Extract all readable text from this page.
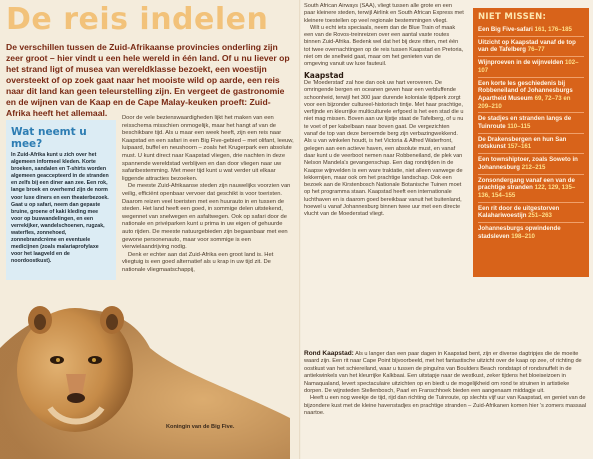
De reis indelen

De verschillen tussen de Zuid-Afrikaanse provincies onderling zijn zeer groot – hier vindt u een hele wereld in één land. Of u nu liever op het strand ligt of musea van wereldklasse bezoekt, een woestijn oversteekt of op zoek gaat naar het mooiste wild op aarde, een reis naar dit land kan geen teleurstelling zijn. En vergeet de gastronomie en de wijnen van de Kaap en de Cape Malay-keuken proeft: Zuid-Afrika heeft het allemaal.

Wat neemt u mee?

In Zuid-Afrika kunt u zich over het algemeen informeel kleden. Korte broeken, sandalen en T-shirts worden algemeen geaccepteerd in de stranden en zelfs bij een diner aan zee. Een rok, lange broek en overhemd zijn de norm voor luxe diners en een theaterbezoek. Gaat u op safari, neem dan gepaste bruine, groene of kaki kleding mee voor op buswandelingen, en een verrekijker, wandelschoenen, rugzak, waterfles, zonnehoed, zonnebrandcrème en eventuele medicijnen (zoals malariaprofylaxe voor het laagveld en de noordoostkust).

Door de vele bezienswaardigheden lijkt het maken van een reisschema misschien onmogelijk, maar het hangt af van de beschikbare tijd. Als u maar een week heeft, zijn een reis naar Kaapstad en een safari in een Big Five-gebied – met olifant, leeuw, luipaard, buffel en neushoorn – zoals het Krugerpark een absolute must. U kunt direct naar Kaapstad vliegen, drie nachten in deze spannende wereldstad verblijven en dan door vliegen naar uw safaribestemming. Met meer tijd kunt u wat verder uit elkaar liggende attracties bezoeken.

De meeste Zuid-Afrikaanse steden zijn nauwelijks voorzien van veilig, efficiënt openbaar vervoer dat geschikt is voor toeristen. Daarom reizen veel toeristen met een huurauto in en tussen de steden. Het land heeft een goed, in sommige delen uitstekend, wegennet van snelwegen en asfaltwegen. Ook op safari door de nationale en privéparken kunt u prima in uw eigen of gehuurde auto rijden. De meeste natuurgebieden zijn begaanbaar met een gewone personenauto, maar voor sommige is een vierwielaandrijving nodig.

Denk er echter aan dat Zuid-Afrika een groot land is. Het vliegtuig is een goed alternatief als u krap in uw tijd zit. De nationale vliegmaatschappij,

Koningin van de Big Five.

South African Airways (SAA), vliegt tussen alle grote en een paar kleinere steden, terwijl Airlink en South African Express met kleinere toestellen op veel regionale bestemmingen vliegt.

Wilt u echt iets speciaals, neem dan de Blue Train of maak een van de Rovos-treinreizen over een aantal vaste routes binnen Zuid-Afrika. Bedenk wel dat het bij deze ritten, met één tot twee overnachtingen op de reis tussen Kaapstad en Pretoria, niet om de snelheid gaat, maar om het genieten van de omgeving vanuit uw luxe fauteuil.

Kaapstad

De 'Moederstad' zal hoe dan ook uw hart veroveren. De omringende bergen en oceanen geven haar een verbluffende schoonheid, terwijl het 300 jaar durende koloniale tijdperk zorgt voor een bijzonder cultureel-historisch tintje. Met haar prachtige, verfijnde en kleurrijke multiculturele erfgoed is het een stad die u niet mag missen. Boven aan uw lijstje staat de Tafelberg, of u nu te voet of per kabelbaan naar boven gaat. De vergezichten vanaf de top van deze beroemde berg zijn verbazingwekkend. Als u van winkelen houdt, is het Victoria & Alfred Waterfront, gelegen aan een actieve haven, een absolute must, en vanaf daar kunt u de veerboot nemen naar Robbeneiland, de plek van Nelson Mandela's gevangenschap. Een dag rondrijden in de Kaapse wijnvelden is een ware traktatie, niet alleen vanwege de lekkernijen, maar ook om het prachtige landschap. Ook een bezoek aan de Kirstenbosch Nationale Botanische Tuinen moet op het programma staan. Kaapstad heeft een internationale luchthaven en is daarom goed bereikbaar vanuit het buitenland, hoewel u vanaf Johannesburg binnen twee uur met een directe vlucht van de Moederstad vliegt.

Rond Kaapstad: Als u langer dan een paar dagen in Kaapstad bent, zijn er diverse dagtripjes die de moeite waard zijn. Een rit naar Cape Point bijvoorbeeld, met het fantastische uitzicht over de kaap op zee, of richting de oostkust van het schiereiland, waar u tussen de pinguïns van Boulders Beach rondstapt of rondsnuffelt in de antiekwinkels van het kleurrijke Kalkbaai. Een uitstapje naar de westkust, zeker tijdens het bloeiseizoen in Namaqualand, levert spectaculaire uitzichten op en biedt u de mogelijkheid om rond te struinen in artistieke dorpen. De wijnsteden Stellenbosch, Paarl en Franschhoek bieden een aangenaam middagje uit.

Heeft u een nog weekje de tijd, rijd dan richting de Tuinroute, op slechts vijf uur van Kaapstad, en geniet van de bijzondere kust met de kleine havenstadjes en prachtige stranden – Zuid-Afrikanen komen hier 's zomers massaal naartoe.

NIET MISSEN:
Een Big Five-safari 161, 176–185
Uitzicht op Kaapstad vanaf de top van de Tafelberg 76–77
Wijnproeven in de wijnvelden 102–107
Een korte les geschiedenis bij Robbeneiland of Johannesburgs Apartheid Museum 69, 72–73 en 209–210
De stadjes en stranden langs de Tuinroute 110–115
De Drakensbergen en hun San rotskunst 157–161
Een townshiptoer, zoals Soweto in Johannesburg 212–215
Zonsondergang vanaf een van de prachtige stranden 122, 129, 135–136, 154–155
Een rit door de uitgestorven Kalahariwoestijn 251–263
Johannesburgs opwindende stadsleven 198–210
